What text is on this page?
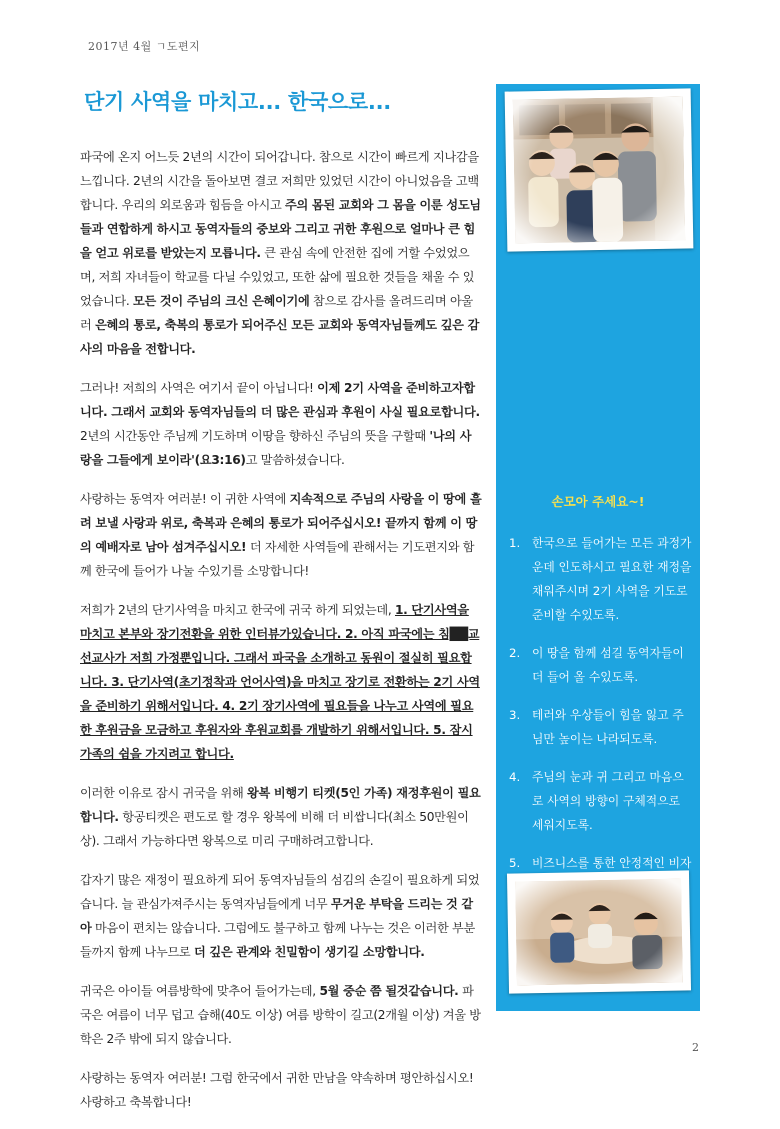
2017년 4월 ㄱ도편지
단기 사역을 마치고... 한국으로...

파국에 온지 어느듯 2년의 시간이 되어갑니다. 참으로 시간이 빠르게 지나감을 느낍니다. 2년의 시간을 돌아보면 결코 저희만 있었던 시간이 아니었음을 고백합니다. 우리의 외로움과 힘듬을 아시고 주의 몸된 교회와 그 몸을 이룬 성도님들과 연합하게 하시고 동역자들의 중보와 그리고 귀한 후원으로 얼마나 큰 힘을 얻고 위로를 받았는지 모릅니다. 큰 관심 속에 안전한 집에 거할 수었었으며, 저희 자녀들이 학교를 다닐 수있었고, 또한 삶에 필요한 것들을 채울 수 있었습니다. 모든 것이 주님의 크신 은혜이기에 참으로 감사를 올려드리며 아울러 은혜의 통로, 축복의 통로가 되어주신 모든 교회와 동역자님들께도 깊은 감사의 마음을 전합니다.

그러나! 저희의 사역은 여기서 끝이 아닙니다! 이제 2기 사역을 준비하고자합니다. 그래서 교회와 동역자님들의 더 많은 관심과 후원이 사실 필요로합니다. 2년의 시간동안 주님께 기도하며 이땅을 향하신 주님의 뜻을 구할때 '나의 사랑을 그들에게 보이라'(요3:16)고 말씀하셨습니다.

사랑하는 동역자 여러분! 이 귀한 사역에 지속적으로 주님의 사랑을 이 땅에 흘려 보낼 사랑과 위로, 축복과 은혜의 통로가 되어주십시오! 끝까지 함께 이 땅의 예배자로 남아 섬겨주십시오! 더 자세한 사역들에 관해서는 기도편지와 함께 한국에 들어가 나눌 수있기를 소망합니다!

저희가 2년의 단기사역을 마치고 한국에 귀국 하게 되었는데, 1. 단기사역을 마치고 본부와 장기전환을 위한 인터뷰가있습니다. 2. 아직 파국에는 침██교 선교사가 저희 가정뿐입니다. 그래서 파국을 소개하고 동원이 절실히 필요합니다. 3. 단기사역(초기정착과 언어사역)을 마치고 장기로 전환하는 2기 사역을 준비하기 위해서입니다. 4. 2기 장기사역에 필요들을 나누고 사역에 필요한 후원금을 모금하고 후원자와 후원교회를 개발하기 위해서입니다. 5. 잠시 가족의 쉼을 가지려고 합니다.

이러한 이유로 잠시 귀국을 위해 왕복 비행기 티켓(5인 가족) 재정후원이 필요합니다. 항공티켓은 편도로 할 경우 왕복에 비해 더 비쌉니다(최소 50만원이상). 그래서 가능하다면 왕복으로 미리 구매하려고합니다.

갑자기 많은 재정이 필요하게 되어 동역자님들의 섬김의 손길이 필요하게 되었습니다. 늘 관심가져주시는 동역자님들에게 너무 무거운 부탁을 드리는 것 같아 마음이 편치는 않습니다. 그럼에도 불구하고 함께 나누는 것은 이러한 부분들까지 함께 나누므로 더 깊은 관계와 친밀함이 생기길 소망합니다.

귀국은 아이들 여름방학에 맞추어 들어가는데, 5월 중순 쯤 될것같습니다. 파국은 여름이 너무 덥고 습해(40도 이상) 여름 방학이 길고(2개월 이상) 겨울 방학은 2주 밖에 되지 않습니다.

사랑하는 동역자 여러분! 그럼 한국에서 귀한 만남을 약속하며 평안하십시오! 사랑하고 축복합니다!

손모아 주세요~!
1. 한국으로 들어가는 모든 과정가운데 인도하시고 필요한 재정을 채워주시며 2기 사역을 기도로 준비할 수있도록.
2. 이 땅을 함께 섬길 동역자들이 더 들어 올 수있도록.
3. 테러와 우상들이 힘을 잃고 주님만 높이는 나라되도록.
4. 주님의 눈과 귀 그리고 마음으로 사역의 방향이 구체적으로 세워지도록.
5. 비즈니스를 통한 안정적인 비자
2
